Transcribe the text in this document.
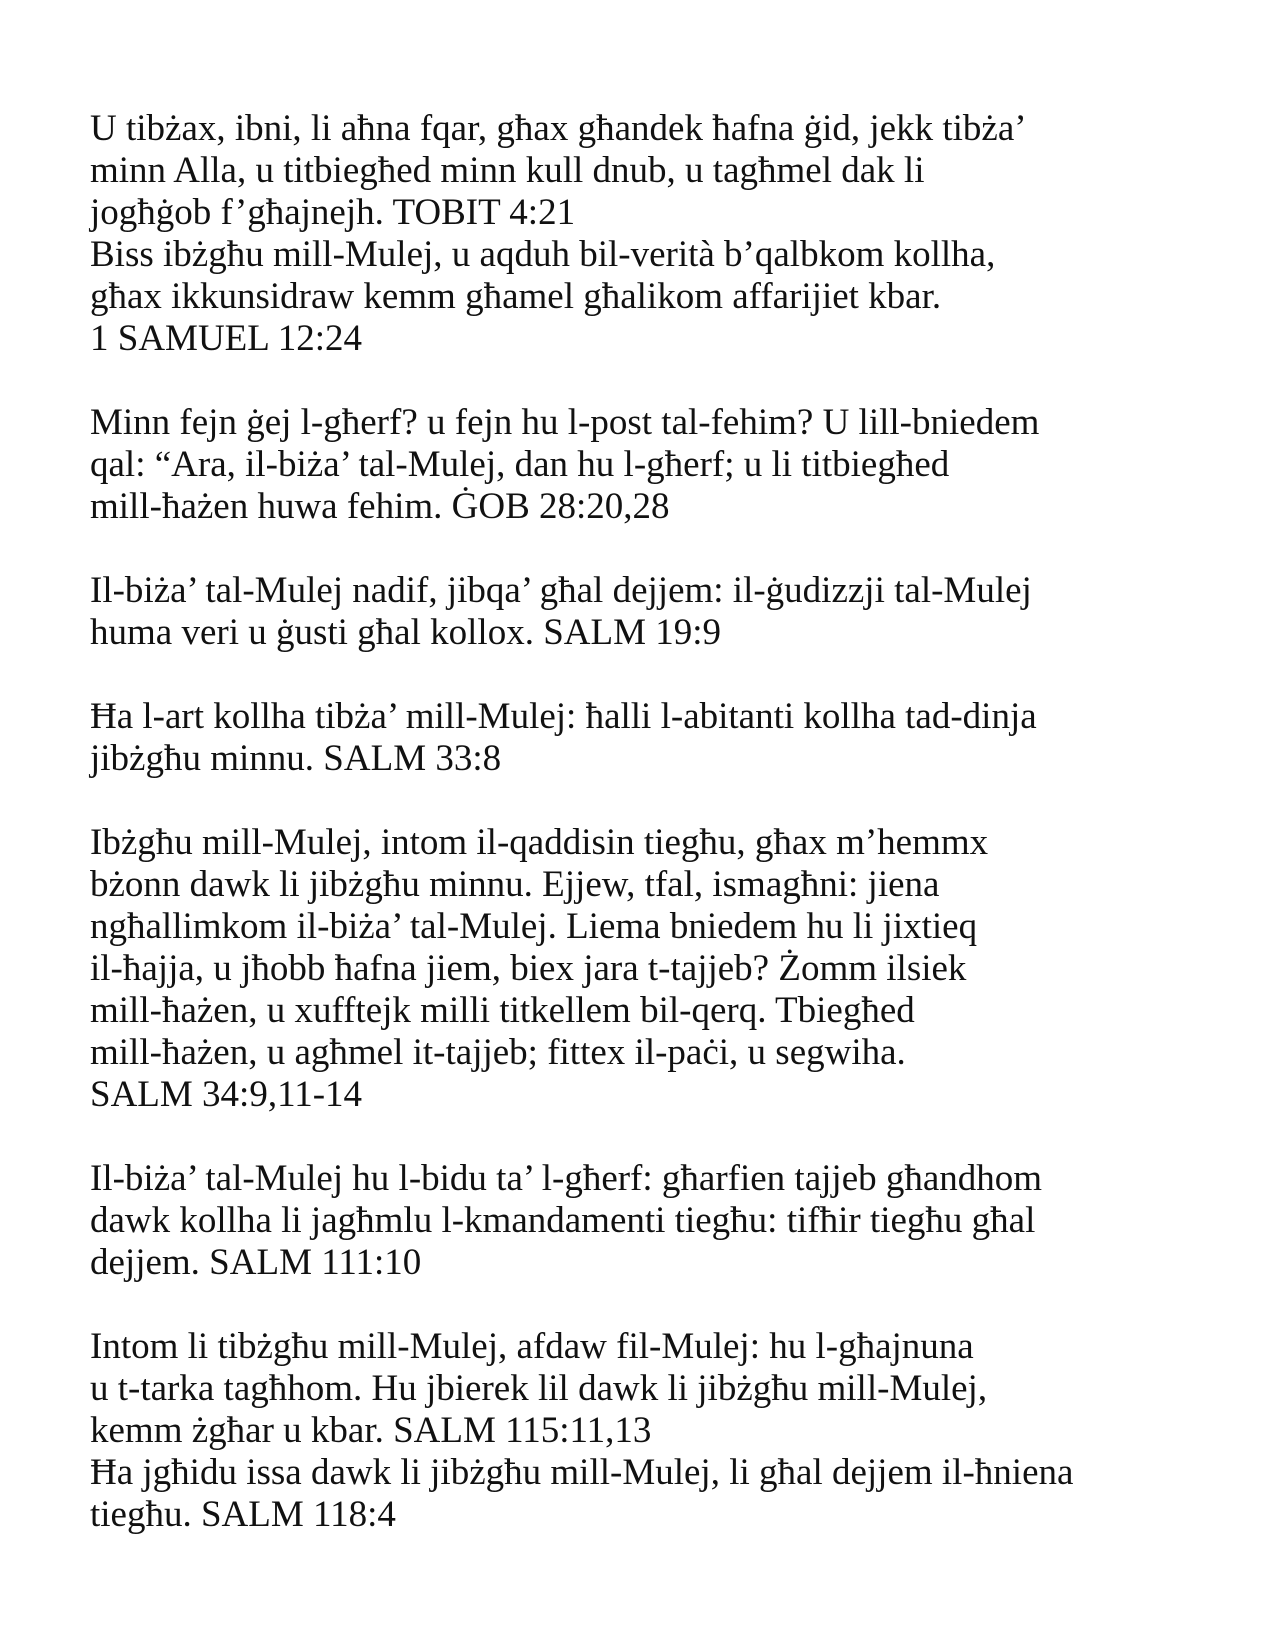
U tibżax, ibni, li aħna fqar, għax għandek ħafna ġid, jekk tibża’
minn Alla, u titbiegħed minn kull dnub, u tagħmel dak li
jogħġob f’għajnejh. TOBIT 4:21
Biss ibżgħu mill-Mulej, u aqduh bil-verità b’qalbkom kollha,
għax ikkunsidraw kemm għamel għalikom affarijiet kbar.
1 SAMUEL 12:24
Minn fejn ġej l-għerf? u fejn hu l-post tal-fehim? U lill-bniedem
qal: “Ara, il-biża’ tal-Mulej, dan hu l-għerf; u li titbiegħed
mill-ħażen huwa fehim. ĠOB 28:20,28
Il-biża’ tal-Mulej nadif, jibqa’ għal dejjem: il-ġudizzji tal-Mulej
huma veri u ġusti għal kollox. SALM 19:9
Ħa l-art kollha tibża’ mill-Mulej: ħalli l-abitanti kollha tad-dinja
jibżgħu minnu. SALM 33:8
Ibżgħu mill-Mulej, intom il-qaddisin tiegħu, għax m’hemmx
bżonn dawk li jibżgħu minnu. Ejjew, tfal, ismagħni: jiena
ngħallimkom il-biża’ tal-Mulej. Liema bniedem hu li jixtieq
il-ħajja, u jħobb ħafna jiem, biex jara t-tajjeb? Żomm ilsiek
mill-ħażen, u xufftejk milli titkellem bil-qerq. Tbiegħed
mill-ħażen, u agħmel it-tajjeb; fittex il-paċi, u segwiha.
SALM 34:9,11-14
Il-biża’ tal-Mulej hu l-bidu ta’ l-għerf: għarfien tajjeb għandhom
dawk kollha li jagħmlu l-kmandamenti tiegħu: tifħir tiegħu għal
dejjem. SALM 111:10
Intom li tibżgħu mill-Mulej, afdaw fil-Mulej: hu l-għajnuna
u t-tarka tagħhom. Hu jbierek lil dawk li jibżgħu mill-Mulej,
kemm żgħar u kbar. SALM 115:11,13
Ħa jgħidu issa dawk li jibżgħu mill-Mulej, li għal dejjem il-ħniena
tiegħu. SALM 118:4
